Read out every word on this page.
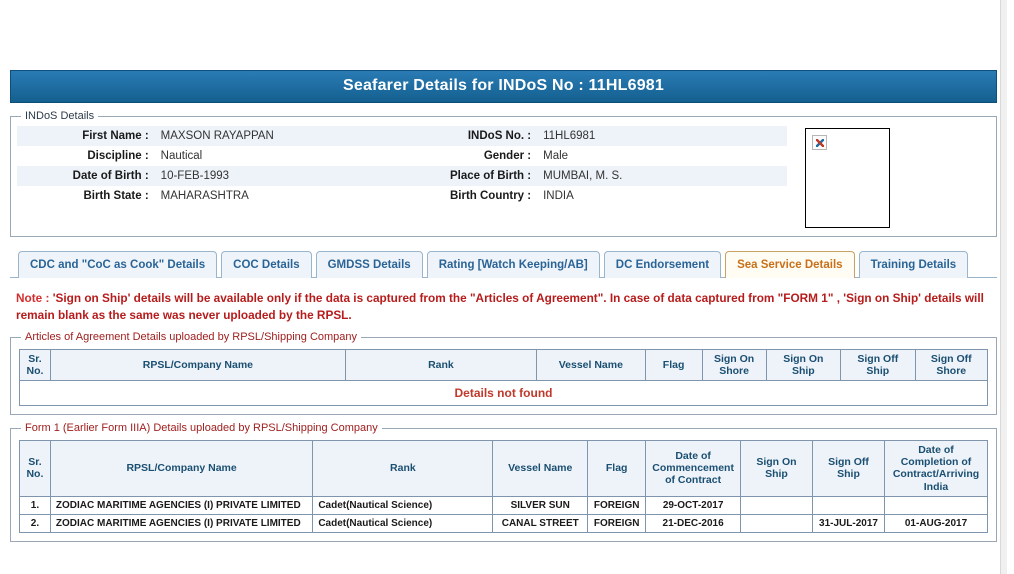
Seafarer Details for INDoS No : 11HL6981
INDoS Details
First Name :	MAXSON RAYAPPAN	INDoS No. :	11HL6981
Discipline :	Nautical	Gender :	Male
Date of Birth :	10-FEB-1993	Place of Birth :	MUMBAI, M. S.
Birth State :	MAHARASHTRA	Birth Country :	INDIA
CDC and "CoC as Cook" Details	COC Details	GMDSS Details	Rating [Watch Keeping/AB]	DC Endorsement	Sea Service Details	Training Details
Note : 'Sign on Ship' details will be available only if the data is captured from the "Articles of Agreement". In case of data captured from "FORM 1" , 'Sign on Ship' details will remain blank as the same was never uploaded by the RPSL.
Articles of Agreement Details uploaded by RPSL/Shipping Company
Sr. No.	RPSL/Company Name	Rank	Vessel Name	Flag	Sign On Shore	Sign On Ship	Sign Off Ship	Sign Off Shore
Details not found
Form 1 (Earlier Form IIIA) Details uploaded by RPSL/Shipping Company
Sr. No.	RPSL/Company Name	Rank	Vessel Name	Flag	Date of Commencement of Contract	Sign On Ship	Sign Off Ship	Date of Completion of Contract/Arriving India
1.	ZODIAC MARITIME AGENCIES (I) PRIVATE LIMITED	Cadet(Nautical Science)	SILVER SUN	FOREIGN	29-OCT-2017			
2.	ZODIAC MARITIME AGENCIES (I) PRIVATE LIMITED	Cadet(Nautical Science)	CANAL STREET	FOREIGN	21-DEC-2016		31-JUL-2017	01-AUG-2017
